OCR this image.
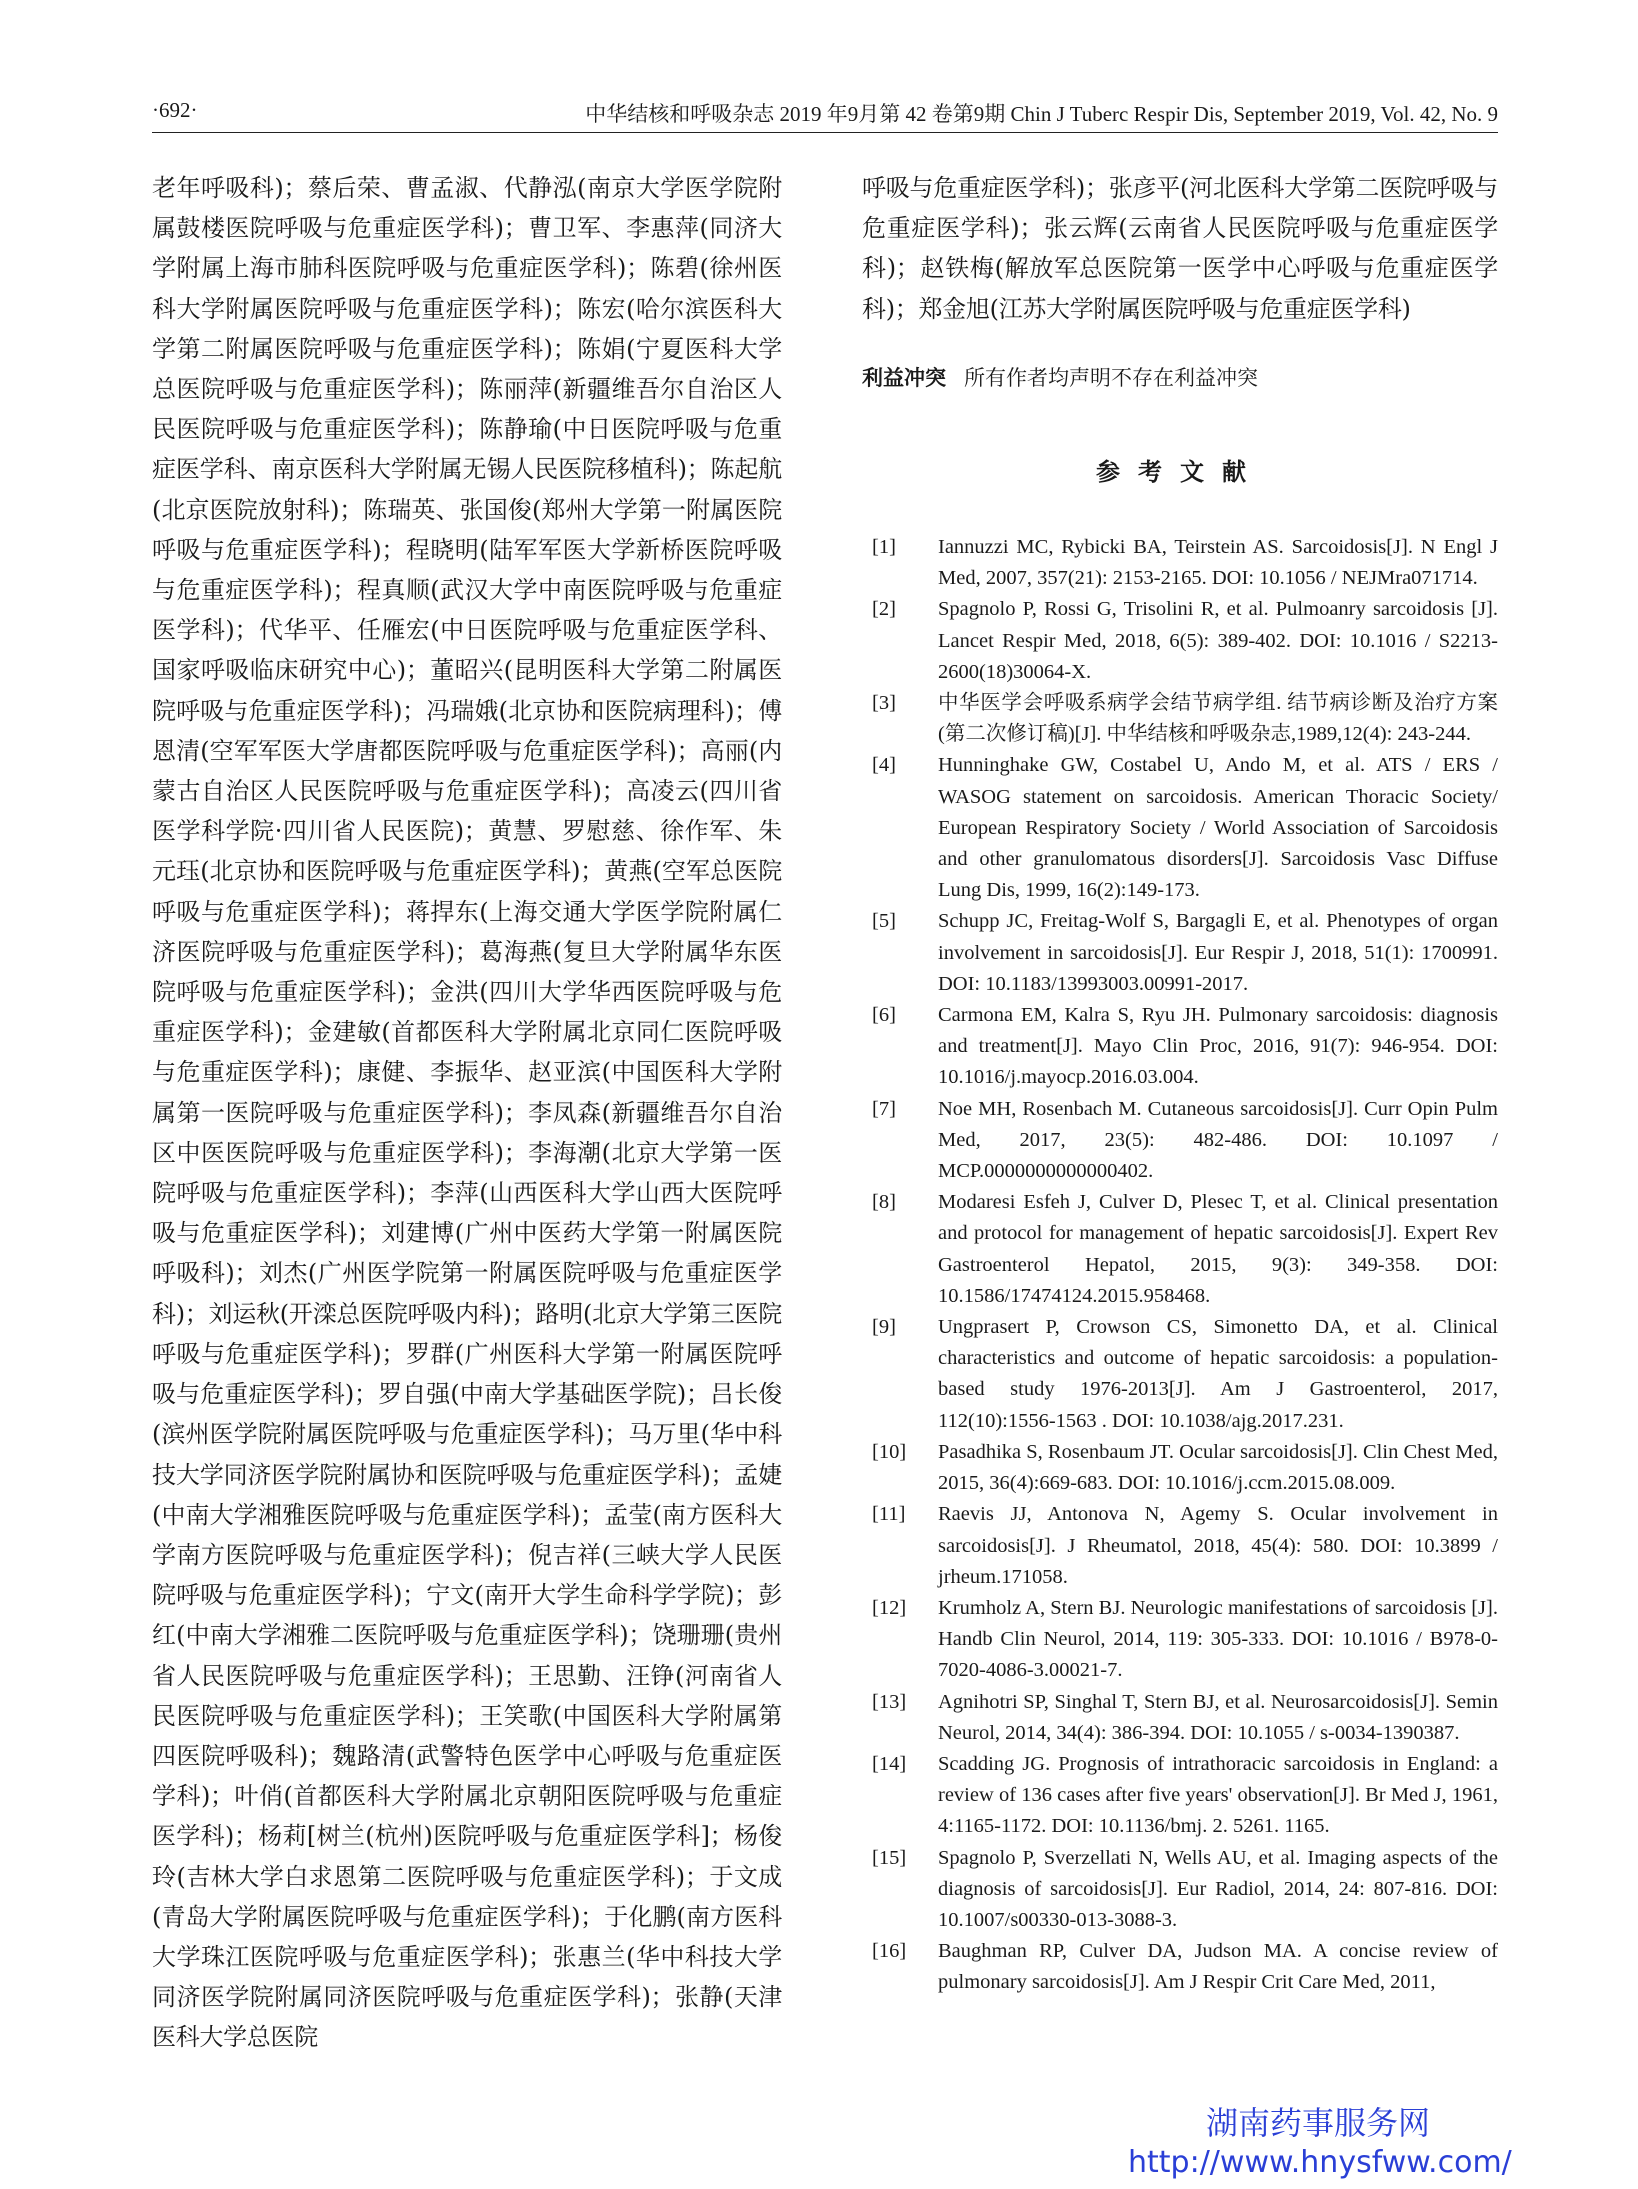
·692·	中华结核和呼吸杂志 2019 年9月第 42 卷第9期 Chin J Tuberc Respir Dis, September 2019, Vol. 42, No. 9
老年呼吸科)；蔡后荣、曹孟淑、代静泓(南京大学医学院附属鼓楼医院呼吸与危重症医学科)；曹卫军、李惠萍(同济大学附属上海市肺科医院呼吸与危重症医学科)；陈碧(徐州医科大学附属医院呼吸与危重症医学科)；陈宏(哈尔滨医科大学第二附属医院呼吸与危重症医学科)；陈娟(宁夏医科大学总医院呼吸与危重症医学科)；陈丽萍(新疆维吾尔自治区人民医院呼吸与危重症医学科)；陈静瑜(中日医院呼吸与危重症医学科、南京医科大学附属无锡人民医院移植科)；陈起航(北京医院放射科)；陈瑞英、张国俊(郑州大学第一附属医院呼吸与危重症医学科)；程晓明(陆军军医大学新桥医院呼吸与危重症医学科)；程真顺(武汉大学中南医院呼吸与危重症医学科)；代华平、任雁宏(中日医院呼吸与危重症医学科、国家呼吸临床研究中心)；董昭兴(昆明医科大学第二附属医院呼吸与危重症医学科)；冯瑞娥(北京协和医院病理科)；傅恩清(空军军医大学唐都医院呼吸与危重症医学科)；高丽(内蒙古自治区人民医院呼吸与危重症医学科)；高凌云(四川省医学科学院·四川省人民医院)；黄慧、罗慰慈、徐作军、朱元珏(北京协和医院呼吸与危重症医学科)；黄燕(空军总医院呼吸与危重症医学科)；蒋捍东(上海交通大学医学院附属仁济医院呼吸与危重症医学科)；葛海燕(复旦大学附属华东医院呼吸与危重症医学科)；金洪(四川大学华西医院呼吸与危重症医学科)；金建敏(首都医科大学附属北京同仁医院呼吸与危重症医学科)；康健、李振华、赵亚滨(中国医科大学附属第一医院呼吸与危重症医学科)；李凤森(新疆维吾尔自治区中医医院呼吸与危重症医学科)；李海潮(北京大学第一医院呼吸与危重症医学科)；李萍(山西医科大学山西大医院呼吸与危重症医学科)；刘建博(广州中医药大学第一附属医院呼吸科)；刘杰(广州医学院第一附属医院呼吸与危重症医学科)；刘运秋(开滦总医院呼吸内科)；路明(北京大学第三医院呼吸与危重症医学科)；罗群(广州医科大学第一附属医院呼吸与危重症医学科)；罗自强(中南大学基础医学院)；吕长俊(滨州医学院附属医院呼吸与危重症医学科)；马万里(华中科技大学同济医学院附属协和医院呼吸与危重症医学科)；孟婕(中南大学湘雅医院呼吸与危重症医学科)；孟莹(南方医科大学南方医院呼吸与危重症医学科)；倪吉祥(三峡大学人民医院呼吸与危重症医学科)；宁文(南开大学生命科学学院)；彭红(中南大学湘雅二医院呼吸与危重症医学科)；饶珊珊(贵州省人民医院呼吸与危重症医学科)；王思勤、汪铮(河南省人民医院呼吸与危重症医学科)；王笑歌(中国医科大学附属第四医院呼吸科)；魏路清(武警特色医学中心呼吸与危重症医学科)；叶俏(首都医科大学附属北京朝阳医院呼吸与危重症医学科)；杨莉[树兰(杭州)医院呼吸与危重症医学科]；杨俊玲(吉林大学白求恩第二医院呼吸与危重症医学科)；于文成(青岛大学附属医院呼吸与危重症医学科)；于化鹏(南方医科大学珠江医院呼吸与危重症医学科)；张惠兰(华中科技大学同济医学院附属同济医院呼吸与危重症医学科)；张静(天津医科大学总医院
呼吸与危重症医学科)；张彦平(河北医科大学第二医院呼吸与危重症医学科)；张云辉(云南省人民医院呼吸与危重症医学科)；赵铁梅(解放军总医院第一医学中心呼吸与危重症医学科)；郑金旭(江苏大学附属医院呼吸与危重症医学科)
利益冲突 所有作者均声明不存在利益冲突
参考文献
[1]	Iannuzzi MC, Rybicki BA, Teirstein AS. Sarcoidosis[J]. N Engl J Med, 2007, 357(21): 2153-2165. DOI: 10.1056 / NEJMra071714.
[2]	Spagnolo P, Rossi G, Trisolini R, et al. Pulmoanry sarcoidosis [J]. Lancet Respir Med, 2018, 6(5): 389-402. DOI: 10.1016 / S2213-2600(18)30064-X.
[3]	中华医学会呼吸系病学会结节病学组. 结节病诊断及治疗方案(第二次修订稿)[J]. 中华结核和呼吸杂志,1989,12(4): 243-244.
[4]	Hunninghake GW, Costabel U, Ando M, et al. ATS / ERS / WASOG statement on sarcoidosis. American Thoracic Society/ European Respiratory Society / World Association of Sarcoidosis and other granulomatous disorders[J]. Sarcoidosis Vasc Diffuse Lung Dis, 1999, 16(2):149-173.
[5]	Schupp JC, Freitag-Wolf S, Bargagli E, et al. Phenotypes of organ involvement in sarcoidosis[J]. Eur Respir J, 2018, 51(1): 1700991. DOI: 10.1183/13993003.00991-2017.
[6]	Carmona EM, Kalra S, Ryu JH. Pulmonary sarcoidosis: diagnosis and treatment[J]. Mayo Clin Proc, 2016, 91(7): 946-954. DOI: 10.1016/j.mayocp.2016.03.004.
[7]	Noe MH, Rosenbach M. Cutaneous sarcoidosis[J]. Curr Opin Pulm Med, 2017, 23(5): 482-486. DOI: 10.1097 / MCP.0000000000000402.
[8]	Modaresi Esfeh J, Culver D, Plesec T, et al. Clinical presentation and protocol for management of hepatic sarcoidosis[J]. Expert Rev Gastroenterol Hepatol, 2015, 9(3): 349-358. DOI: 10.1586/17474124.2015.958468.
[9]	Ungprasert P, Crowson CS, Simonetto DA, et al. Clinical characteristics and outcome of hepatic sarcoidosis: a population-based study 1976-2013[J]. Am J Gastroenterol, 2017, 112(10):1556-1563 . DOI: 10.1038/ajg.2017.231.
[10]	Pasadhika S, Rosenbaum JT. Ocular sarcoidosis[J]. Clin Chest Med, 2015, 36(4):669-683. DOI: 10.1016/j.ccm.2015.08.009.
[11]	Raevis JJ, Antonova N, Agemy S. Ocular involvement in sarcoidosis[J]. J Rheumatol, 2018, 45(4): 580. DOI: 10.3899 / jrheum.171058.
[12]	Krumholz A, Stern BJ. Neurologic manifestations of sarcoidosis [J]. Handb Clin Neurol, 2014, 119: 305-333. DOI: 10.1016 / B978-0-7020-4086-3.00021-7.
[13]	Agnihotri SP, Singhal T, Stern BJ, et al. Neurosarcoidosis[J]. Semin Neurol, 2014, 34(4): 386-394. DOI: 10.1055 / s-0034-1390387.
[14]	Scadding JG. Prognosis of intrathoracic sarcoidosis in England: a review of 136 cases after five years' observation[J]. Br Med J, 1961, 4:1165-1172. DOI: 10.1136/bmj. 2. 5261. 1165.
[15]	Spagnolo P, Sverzellati N, Wells AU, et al. Imaging aspects of the diagnosis of sarcoidosis[J]. Eur Radiol, 2014, 24: 807-816. DOI: 10.1007/s00330-013-3088-3.
[16]	Baughman RP, Culver DA, Judson MA. A concise review of pulmonary sarcoidosis[J]. Am J Respir Crit Care Med, 2011,
湖南药事服务网
http://www.hnysfww.com/
